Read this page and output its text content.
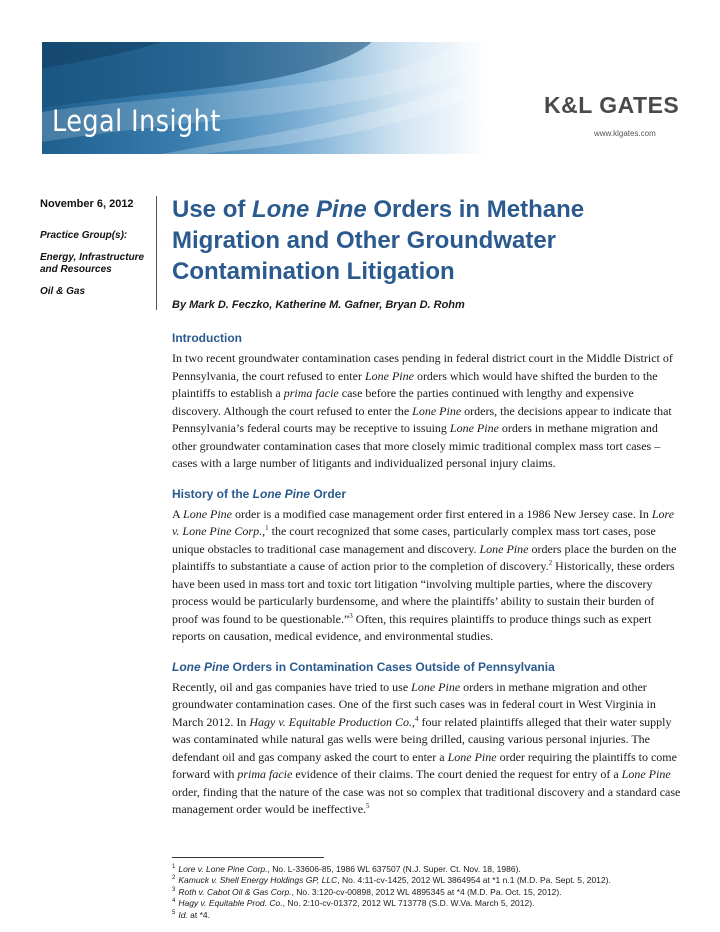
Legal Insight	K&L GATES

www.klgates.com
November 6, 2012
Practice Group(s):
Energy, Infrastructure and Resources
Oil & Gas
Use of Lone Pine Orders in Methane Migration and Other Groundwater Contamination Litigation

By Mark D. Feczko, Katherine M. Gafner, Bryan D. Rohm

Introduction

In two recent groundwater contamination cases pending in federal district court in the Middle District of Pennsylvania, the court refused to enter Lone Pine orders which would have shifted the burden to the plaintiffs to establish a prima facie case before the parties continued with lengthy and expensive discovery. Although the court refused to enter the Lone Pine orders, the decisions appear to indicate that Pennsylvania’s federal courts may be receptive to issuing Lone Pine orders in methane migration and other groundwater contamination cases that more closely mimic traditional complex mass tort cases – cases with a large number of litigants and individualized personal injury claims.

History of the Lone Pine Order

A Lone Pine order is a modified case management order first entered in a 1986 New Jersey case. In Lore v. Lone Pine Corp.,$^1$ the court recognized that some cases, particularly complex mass tort cases, pose unique obstacles to traditional case management and discovery. Lone Pine orders place the burden on the plaintiffs to substantiate a cause of action prior to the completion of discovery.$^2$ Historically, these orders have been used in mass tort and toxic tort litigation “involving multiple parties, where the discovery process would be particularly burdensome, and where the plaintiffs’ ability to sustain their burden of proof was found to be questionable.”$^3$ Often, this requires plaintiffs to produce things such as expert reports on causation, medical evidence, and environmental studies.

Lone Pine Orders in Contamination Cases Outside of Pennsylvania

Recently, oil and gas companies have tried to use Lone Pine orders in methane migration and other groundwater contamination cases. One of the first such cases was in federal court in West Virginia in March 2012. In Hagy v. Equitable Production Co.,$^4$ four related plaintiffs alleged that their water supply was contaminated while natural gas wells were being drilled, causing various personal injuries. The defendant oil and gas company asked the court to enter a Lone Pine order requiring the plaintiffs to come forward with prima facie evidence of their claims. The court denied the request for entry of a Lone Pine order, finding that the nature of the case was not so complex that traditional discovery and a standard case management order would be ineffective.$^5$

$^1$ Lore v. Lone Pine Corp., No. L-33606-85, 1986 WL 637507 (N.J. Super. Ct. Nov. 18, 1986).
$^2$ Kamuck v. Shell Energy Holdings GP, LLC, No. 4:11-cv-1425, 2012 WL 3864954 at *1 n.1 (M.D. Pa. Sept. 5, 2012).
$^3$ Roth v. Cabot Oil & Gas Corp., No. 3:120-cv-00898, 2012 WL 4895345 at *4 (M.D. Pa. Oct. 15, 2012).
$^4$ Hagy v. Equitable Prod. Co., No. 2:10-cv-01372, 2012 WL 713778 (S.D. W.Va. March 5, 2012).
$^5$ Id. at *4.
